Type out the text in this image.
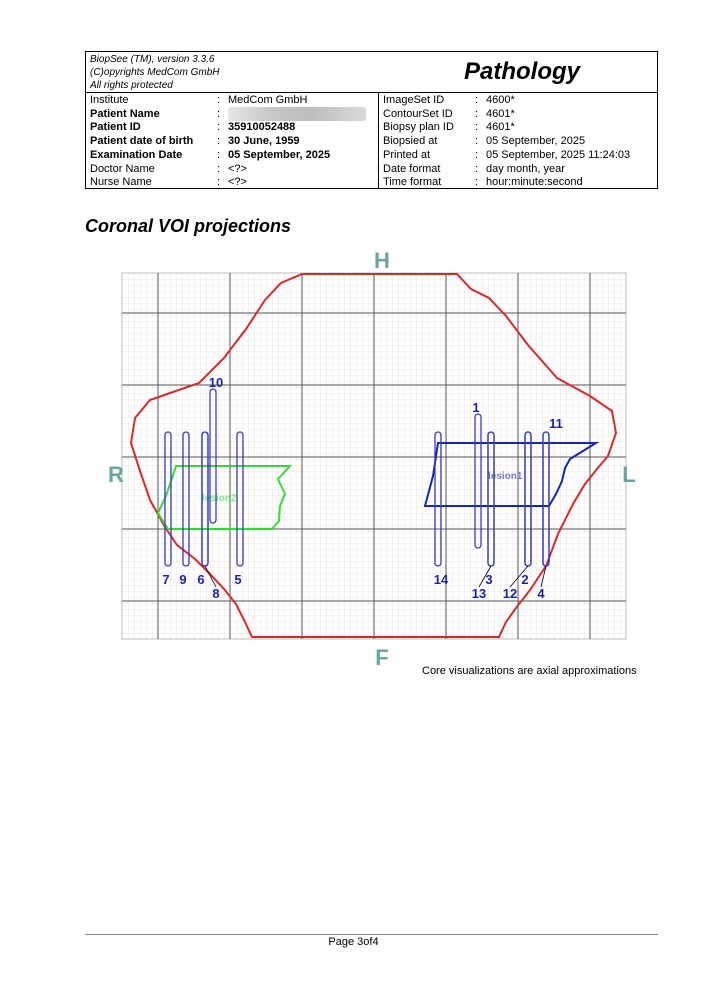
BiopSee (TM), version 3.3.6
(C)opyrights MedCom GmbH
All rights protected
Pathology
Institute	: MedCom GmbH
Patient Name	:
Patient ID	: 35910052488
Patient date of birth : 30 June, 1959
Examination Date	: 05 September, 2025
Doctor Name	: <?>
Nurse Name	: <?>
ImageSet ID	: 4600*
ContourSet ID : 4601*
Biopsy plan ID : 4601*
Biopsied at	: 05 September, 2025
Printed at	: 05 September, 2025 11:24:03
Date format	: day month, year
Time format	: hour:minute:second
Coronal VOI projections
lesion2
lesion1
1
2
3
4
5
6
7
8
9
10
11
12
13
14
H
F
R	L
Core visualizations are axial approximations
Page 3of4
